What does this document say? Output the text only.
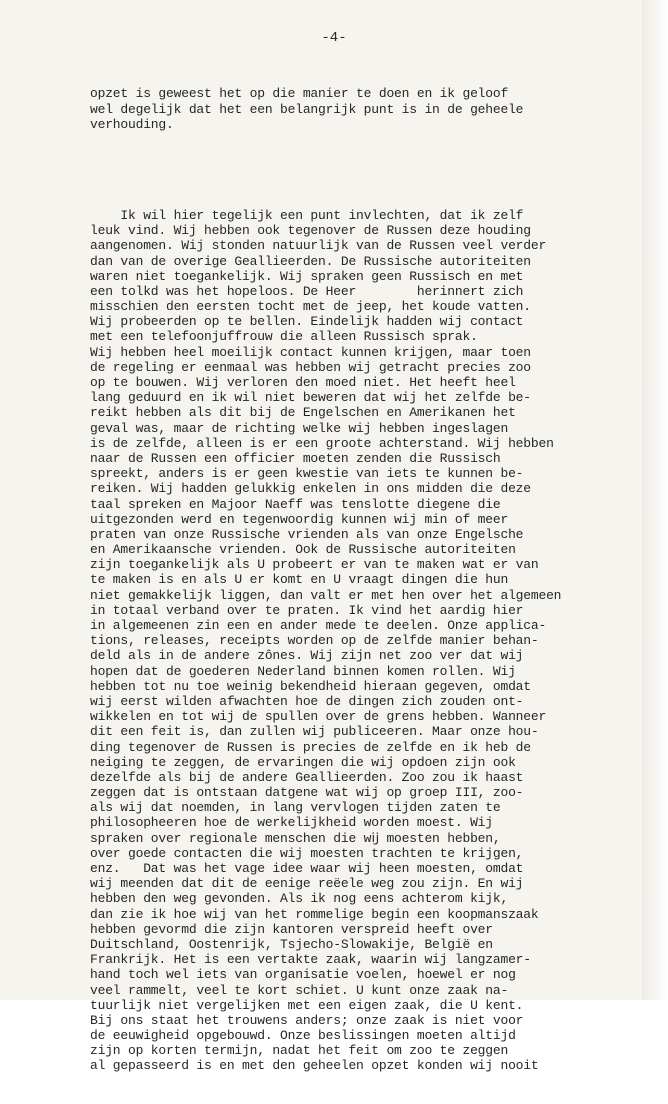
-4-

opzet is geweest het op die manier te doen en ik geloof
wel degelijk dat het een belangrijk punt is in de geheele
verhouding.

Ik wil hier tegelijk een punt invlechten, dat ik zelf
leuk vind. Wij hebben ook tegenover de Russen deze houding
aangenomen. Wij stonden natuurlijk van de Russen veel verder
dan van de overige Geallieerden. De Russische autoriteiten
waren niet toegankelijk. Wij spraken geen Russisch en met
een tolkd was het hopeloos. De Heer        herinnert zich
misschien den eersten tocht met de jeep, het koude vatten.
Wij probeerden op te bellen. Eindelijk hadden wij contact
met een telefoonjuffrouw die alleen Russisch sprak.
Wij hebben heel moeilijk contact kunnen krijgen, maar toen
de regeling er eenmaal was hebben wij getracht precies zoo
op te bouwen. Wij verloren den moed niet. Het heeft heel
lang geduurd en ik wil niet beweren dat wij het zelfde be-
reikt hebben als dit bij de Engelschen en Amerikanen het
geval was, maar de richting welke wij hebben ingeslagen
is de zelfde, alleen is er een groote achterstand. Wij hebben
naar de Russen een officier moeten zenden die Russisch
spreekt, anders is er geen kwestie van iets te kunnen be-
reiken. Wij hadden gelukkig enkelen in ons midden die deze
taal spreken en Majoor Naeff was tenslotte diegene die
uitgezonden werd en tegenwoordig kunnen wij min of meer
praten van onze Russische vrienden als van onze Engelsche
en Amerikaansche vrienden. Ook de Russische autoriteiten
zijn toegankelijk als U probeert er van te maken wat er van
te maken is en als U er komt en U vraagt dingen die hun
niet gemakkelijk liggen, dan valt er met hen over het algemeen
in totaal verband over te praten. Ik vind het aardig hier
in algemeenen zin een en ander mede te deelen. Onze applica-
tions, releases, receipts worden op de zelfde manier behan-
deld als in de andere zônes. Wij zijn net zoo ver dat wij
hopen dat de goederen Nederland binnen komen rollen. Wij
hebben tot nu toe weinig bekendheid hieraan gegeven, omdat
wij eerst wilden afwachten hoe de dingen zich zouden ont-
wikkelen en tot wij de spullen over de grens hebben. Wanneer
dit een feit is, dan zullen wij publiceeren. Maar onze hou-
ding tegenover de Russen is precies de zelfde en ik heb de
neiging te zeggen, de ervaringen die wij opdoen zijn ook
dezelfde als bij de andere Geallieerden. Zoo zou ik haast
zeggen dat is ontstaan datgene wat wij op groep III, zoo-
als wij dat noemden, in lang vervlogen tijden zaten te
philosopheeren hoe de werkelijkheid worden moest. Wij
spraken over regionale menschen die wĳ moesten hebben,
over goede contacten die wij moesten trachten te krijgen,
enz.   Dat was het vage idee waar wij heen moesten, omdat
wij meenden dat dit de eenige reëele weg zou zijn. En wij
hebben den weg gevonden. Als ik nog eens achterom kijk,
dan zie ik hoe wij van het rommelige begin een koopmanszaak
hebben gevormd die zijn kantoren verspreid heeft over
Duitschland, Oostenrijk, Tsjecho-Slowakije, Belgiё en
Frankrijk. Het is een vertakte zaak, waarin wij langzamer-
hand toch wel iets van organisatie voelen, hoewel er nog
veel rammelt, veel te kort schiet. U kunt onze zaak na-
tuurlijk niet vergelijken met een eigen zaak, die U kent.
Bij ons staat het trouwens anders; onze zaak is niet voor
de eeuwigheid opgebouwd. Onze beslissingen moeten altijd
zijn op korten termijn, nadat het feit om zoo te zeggen
al gepasseerd is en met den geheelen opzet konden wij nooit
